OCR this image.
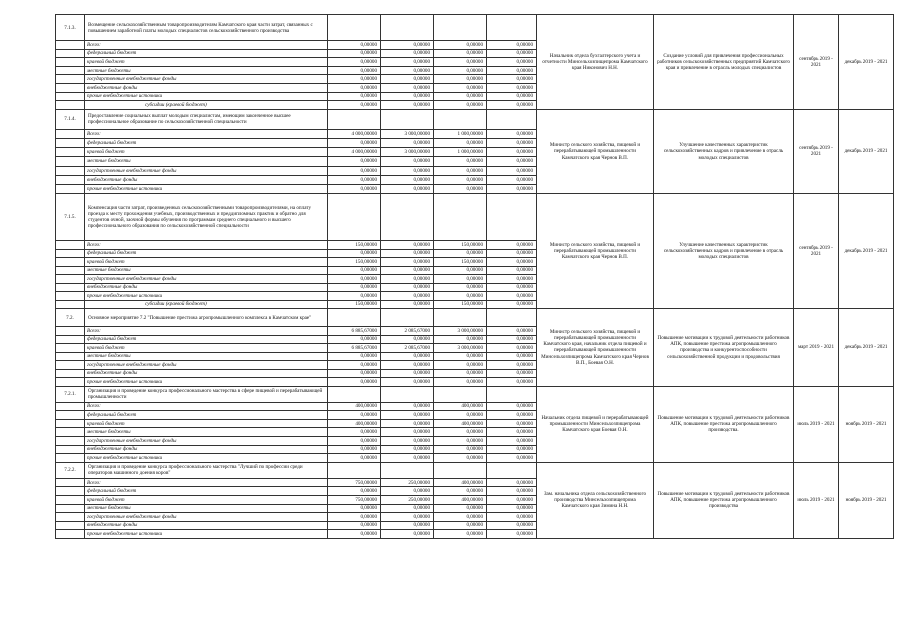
7.1.3.	Возмещение сельскохозяйственным товаропроизводителям Камчатского края части затрат, связанных с повышением заработной платы молодых специалистов сельскохозяйственного производства					Начальник отдела бухгалтерского учета и отчетности Минсельхозпищепрома Камчатского края Никонович Н.Н.	Создание условий для привлечения профессиональных работников сельскохозяйственных предприятий Камчатского края и привлечение в отрасль молодых специалистов	сентябрь 2019 - 2021	декабрь 2019 - 2021
	Всего:	0,00000	0,00000	0,00000	0,00000				
	федеральный бюджет	0,00000	0,00000	0,00000	0,00000				
	краевой бюджет	0,00000	0,00000	0,00000	0,00000				
	местные бюджеты	0,00000	0,00000	0,00000	0,00000				
	государственные внебюджетные фонды	0,00000	0,00000	0,00000	0,00000				
	внебюджетные фонды	0,00000	0,00000	0,00000	0,00000				
	прочие внебюджетные источники	0,00000	0,00000	0,00000	0,00000				
	субсидии (краевой бюджет)	0,00000	0,00000	0,00000	0,00000				
7.1.4.	Предоставление социальных выплат молодым специалистам, имеющим законченное высшее профессиональное образование по сельскохозяйственной специальности					Министр сельского хозяйства, пищевой и перерабатывающей промышленности Камчатского края Чернов В.П.	Улучшение качественных характеристик сельскохозяйственных кадров и привлечение в отрасль молодых специалистов	сентябрь 2019 - 2021	декабрь 2019 - 2021
	Всего:	4 000,00000	3 000,00000	1 000,00000	0,00000				
	федеральный бюджет	0,00000	0,00000	0,00000	0,00000				
	краевой бюджет	4 000,00000	3 000,00000	1 000,00000	0,00000				
	местные бюджеты	0,00000	0,00000	0,00000	0,00000				
	государственные внебюджетные фонды	0,00000	0,00000	0,00000	0,00000				
	внебюджетные фонды	0,00000	0,00000	0,00000	0,00000				
	прочие внебюджетные источники	0,00000	0,00000	0,00000	0,00000				
7.1.5.	Компенсация части затрат, произведенных сельскохозяйственными товаропроизводителями, на оплату проезда к месту прохождения учебных, производственных и преддипломных практик и обратно для студентов очной, заочной формы обучения по программам среднего специального и высшего профессионального образования по сельскохозяйственной специальности					Министр сельского хозяйства, пищевой и перерабатывающей промышленности Камчатского края Чернов В.П.	Улучшение качественных характеристик сельскохозяйственных кадров и привлечение в отрасль молодых специалистов	сентябрь 2019 - 2021	декабрь 2019 - 2021
	Всего:	150,00000	0,00000	150,00000	0,00000				
	федеральный бюджет	0,00000	0,00000	0,00000	0,00000				
	краевой бюджет	150,00000	0,00000	150,00000	0,00000				
	местные бюджеты	0,00000	0,00000	0,00000	0,00000				
	государственные внебюджетные фонды	0,00000	0,00000	0,00000	0,00000				
	внебюджетные фонды	0,00000	0,00000	0,00000	0,00000				
	прочие внебюджетные источники	0,00000	0,00000	0,00000	0,00000				
	субсидии (краевой бюджет)	150,00000	0,00000	150,00000	0,00000				
7.2.	Основное мероприятие 7.2 "Повышение престижа агропромышленного комплекса в Камчатском крае"					Министр сельского хозяйства, пищевой и перерабатывающей промышленности Камчатского края, начальник отдела пищевой и перерабатывающей промышленности Минсельхозпищепрома Камчатского края Чернов В.П., Боевая О.Н.	Повышение мотивации к трудовой деятельности работников АПК, повышение престижа агропромышленного производства и конкурентоспособности сельскохозяйственной продукции и продовольствия	март 2019 - 2021	декабрь 2019 - 2021
	Всего:	6 885,67000	2 085,67000	3 000,00000	0,00000				
	федеральный бюджет	0,00000	0,00000	0,00000	0,00000				
	краевой бюджет	6 885,67000	2 085,67000	3 000,00000	0,00000				
	местные бюджеты	0,00000	0,00000	0,00000	0,00000				
	государственные внебюджетные фонды	0,00000	0,00000	0,00000	0,00000				
	внебюджетные фонды	0,00000	0,00000	0,00000	0,00000				
	прочие внебюджетные источники	0,00000	0,00000	0,00000	0,00000				
7.2.1.	Организация и проведение конкурса профессионального мастерства в сфере пищевой и перерабатывающей промышленности					Начальник отдела пищевой и перерабатывающей промышленности Минсельхозпищепрома Камчатского края Боевая О.Н.	Повышение мотивации к трудовой деятельности работников АПК, повышение престижа агропромышленного производства.	июль 2019 - 2021	ноябрь 2019 - 2021
	Всего:	400,00000	0,00000	400,00000	0,00000				
	федеральный бюджет	0,00000	0,00000	0,00000	0,00000				
	краевой бюджет	400,00000	0,00000	400,00000	0,00000				
	местные бюджеты	0,00000	0,00000	0,00000	0,00000				
	государственные внебюджетные фонды	0,00000	0,00000	0,00000	0,00000				
	внебюджетные фонды	0,00000	0,00000	0,00000	0,00000				
	прочие внебюджетные источники	0,00000	0,00000	0,00000	0,00000				
7.2.2.	Организация и проведение конкурса профессионального мастерства "Лучший по профессии среди операторов машинного доения коров"					Зам. начальника отдела сельскохозяйственного производства Минсельхозпищепрома Камчатского края Зимина Н.Н.	Повышение мотивации к трудовой деятельности работников АПК, повышение престижа агропромышленного производства	июль 2019 - 2021	ноябрь 2019 - 2021
	Всего:	750,00000	250,00000	400,00000	0,00000				
	федеральный бюджет	0,00000	0,00000	0,00000	0,00000				
	краевой бюджет	750,00000	250,00000	400,00000	0,00000				
	местные бюджеты	0,00000	0,00000	0,00000	0,00000				
	государственные внебюджетные фонды	0,00000	0,00000	0,00000	0,00000				
	внебюджетные фонды	0,00000	0,00000	0,00000	0,00000				
	прочие внебюджетные источники	0,00000	0,00000	0,00000	0,00000				
